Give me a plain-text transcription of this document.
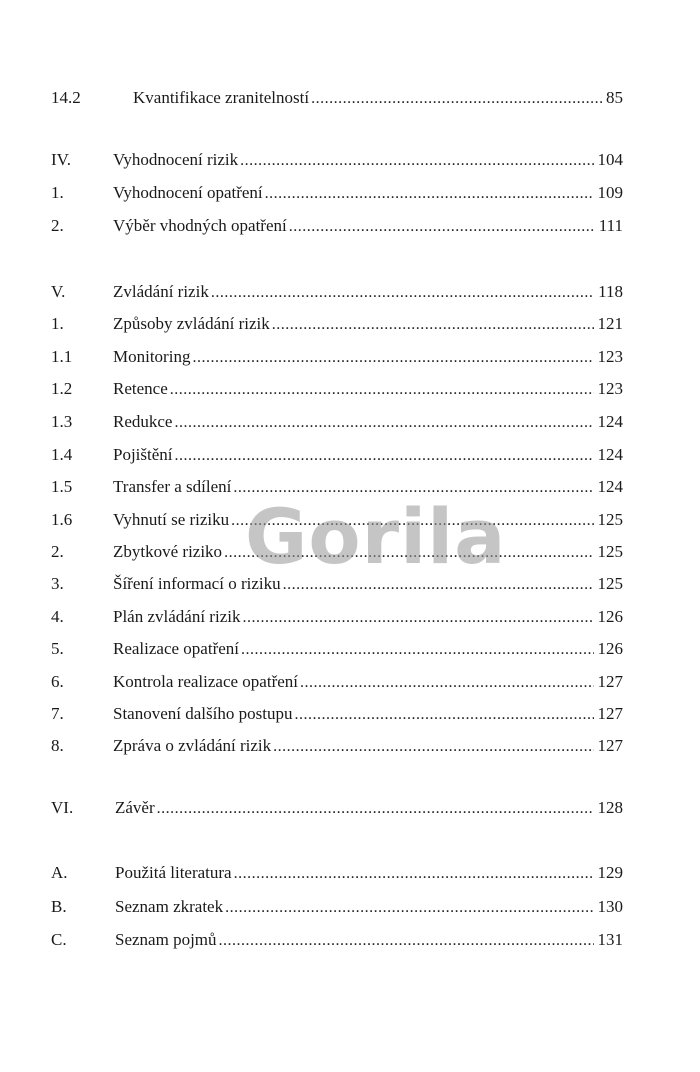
14.2	Kvantifikace zranitelností .....	85
IV. Vyhodnocení rizik .....	104
1.	Vyhodnocení opatření .....	109
2.	Výběr vhodných opatření .....	111
V.	Zvládání rizik .....	118
1.	Způsoby zvládání rizik .....	121
1.1 Monitoring .....	123
1.2 Retence .....	123
1.3 Redukce .....	124
1.4 Pojištění .....	124
1.5 Transfer a sdílení .....	124
1.6 Vyhnutí se riziku .....	125
2.	Zbytkové riziko .....	125
3.	Šíření informací o riziku .....	125
4.	Plán zvládání rizik .....	126
5.	Realizace opatření .....	126
6.	Kontrola realizace opatření .....	127
7.	Stanovení dalšího postupu .....	127
8.	Zpráva o zvládání rizik .....	127
VI. Závěr .....	128
A.	Použitá literatura .....	129
B.	Seznam zkratek .....	130
C.	Seznam pojmů .....	131
Gorila
